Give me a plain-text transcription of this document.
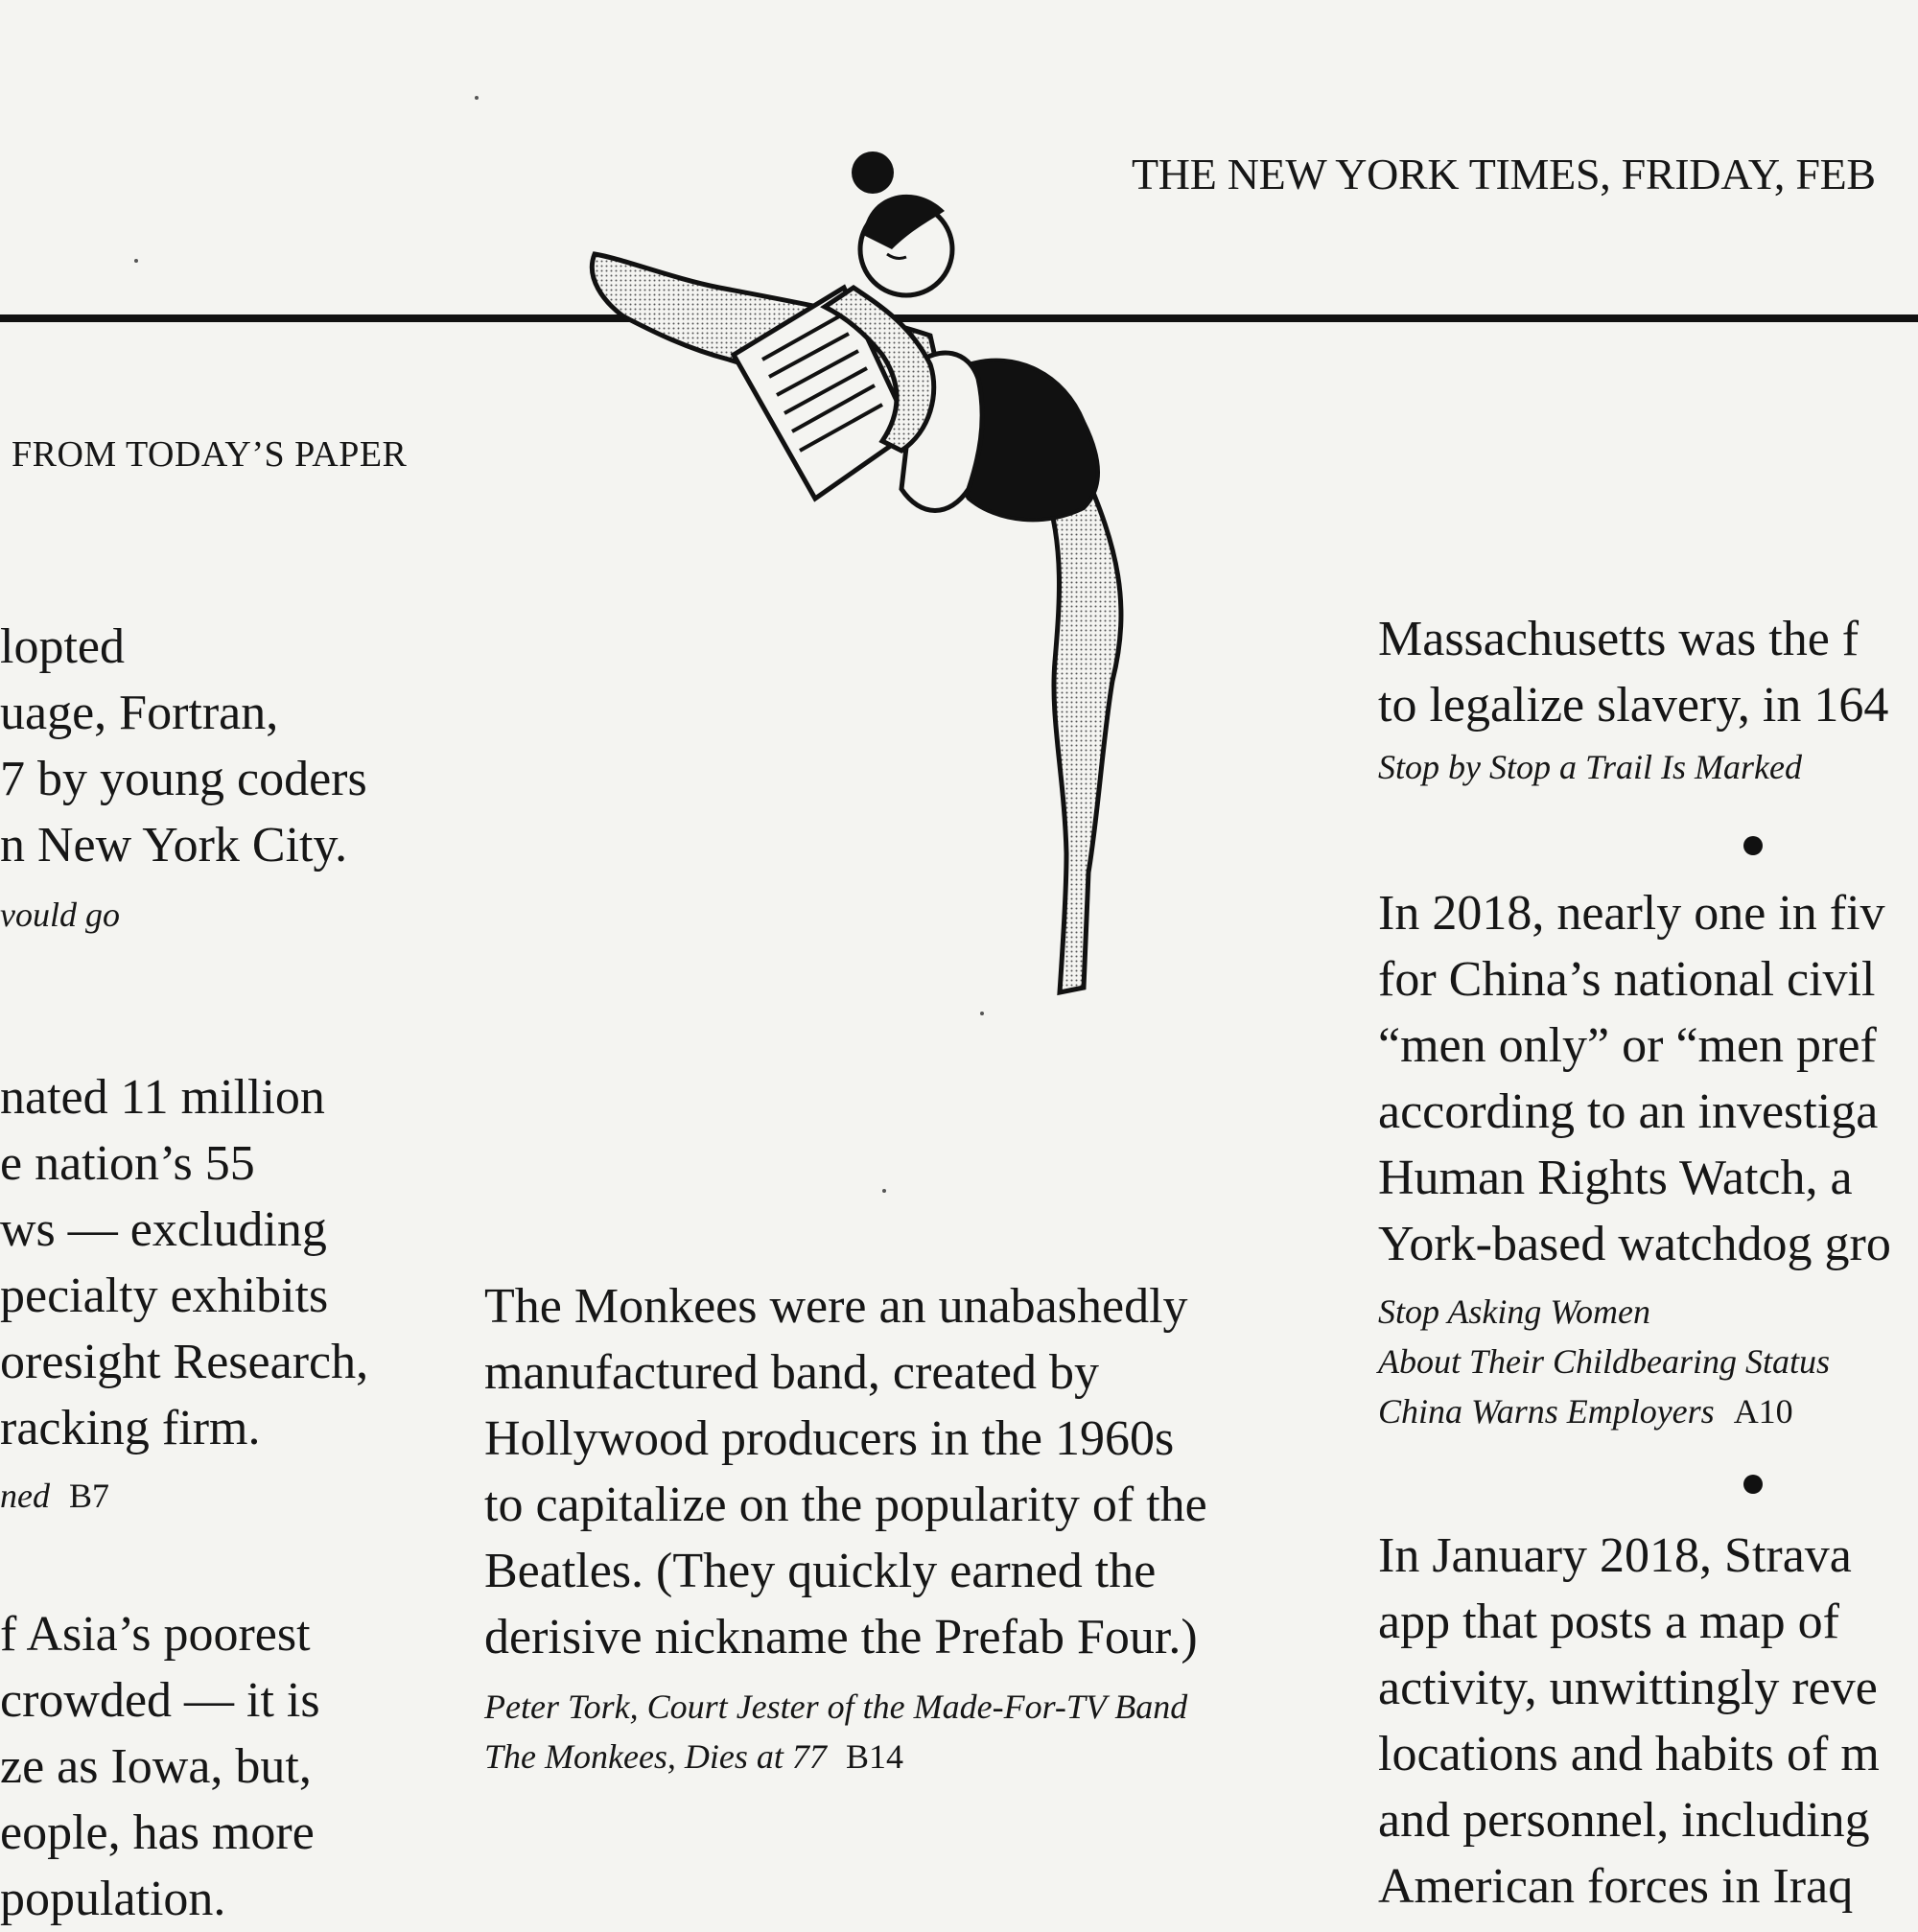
THE NEW YORK TIMES, FRIDAY, FEB
FROM TODAY’S PAPER
lopted
uage, Fortran,
7 by young coders
n New York City.
vould go
nated 11 million
e nation’s 55
ws — excluding
pecialty exhibits
oresight Research,
racking firm.
ned B7
f Asia’s poorest
crowded — it is
ze as Iowa, but,
eople, has more
population.
The Monkees were an unabashedly
manufactured band, created by
Hollywood producers in the 1960s
to capitalize on the popularity of the
Beatles. (They quickly earned the
derisive nickname the Prefab Four.)
Peter Tork, Court Jester of the Made-For-TV Band
The Monkees, Dies at 77 B14
Massachusetts was the f
to legalize slavery, in 164
Stop by Stop a Trail Is Marked
In 2018, nearly one in fiv
for China’s national civil
“men only” or “men pref
according to an investiga
Human Rights Watch, a
York-based watchdog gro
Stop Asking Women
About Their Childbearing Status
China Warns Employers A10
In January 2018, Strava
app that posts a map of
activity, unwittingly reve
locations and habits of m
and personnel, including
American forces in Iraq
